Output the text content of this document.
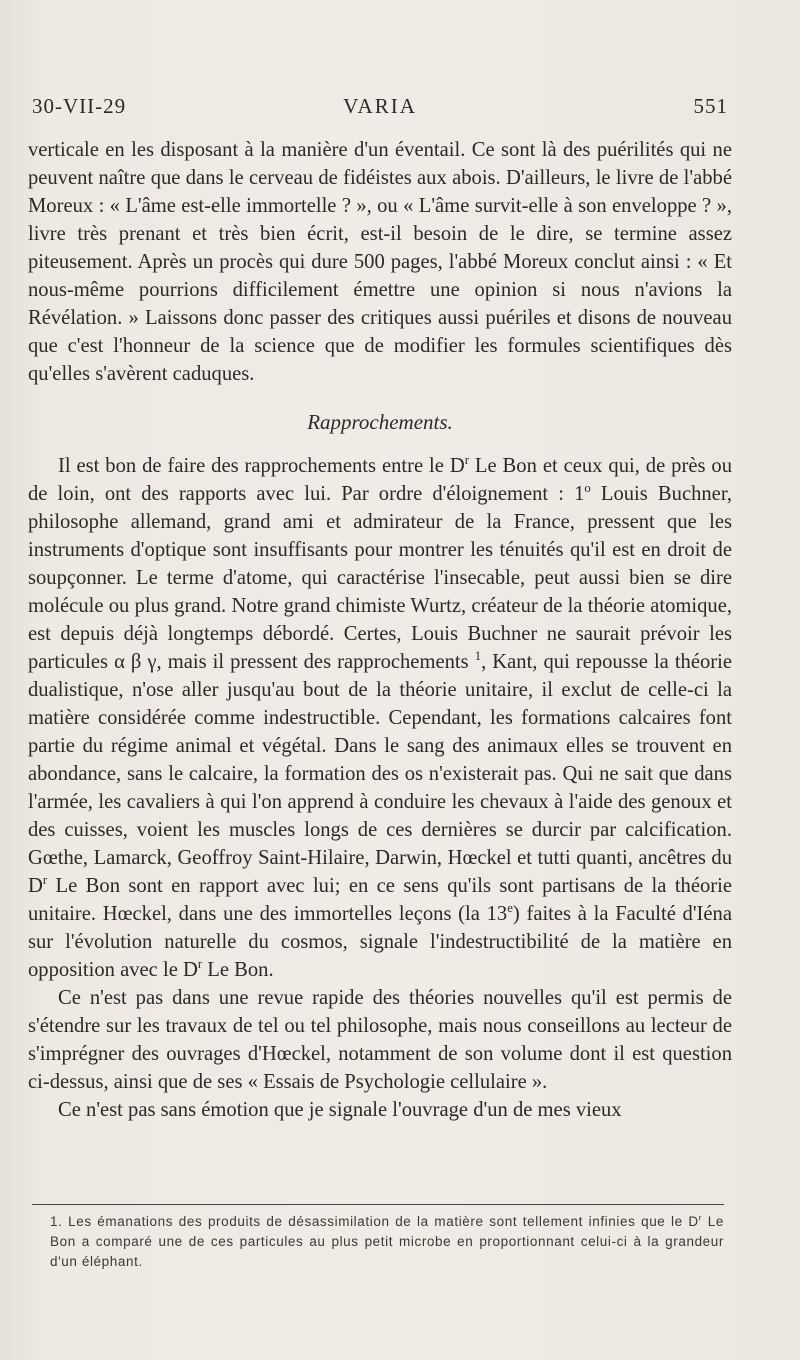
30-VII-29	VARIA	551

verticale en les disposant à la manière d'un éventail. Ce sont là des puérilités qui ne peuvent naître que dans le cerveau de fidéistes aux abois. D'ailleurs, le livre de l'abbé Moreux : « L'âme est-elle immortelle ? », ou « L'âme survit-elle à son enveloppe ? », livre très prenant et très bien écrit, est-il besoin de le dire, se termine assez piteusement. Après un procès qui dure 500 pages, l'abbé Moreux conclut ainsi : « Et nous-même pourrions difficilement émettre une opinion si nous n'avions la Révélation. » Laissons donc passer des critiques aussi puériles et disons de nouveau que c'est l'honneur de la science que de modifier les formules scientifiques dès qu'elles s'avèrent caduques.

Rapprochements.

Il est bon de faire des rapprochements entre le $D^r$ Le Bon et ceux qui, de près ou de loin, ont des rapports avec lui. Par ordre d'éloignement : 1$^o$ Louis Buchner, philosophe allemand, grand ami et admirateur de la France, pressent que les instruments d'optique sont insuffisants pour montrer les ténuités qu'il est en droit de soupçonner. Le terme d'atome, qui caractérise l'insecable, peut aussi bien se dire molécule ou plus grand. Notre grand chimiste Wurtz, créateur de la théorie atomique, est depuis déjà longtemps débordé. Certes, Louis Buchner ne saurait prévoir les particules α β γ, mais il pressent des rapprochements $^1$, Kant, qui repousse la théorie dualistique, n'ose aller jusqu'au bout de la théorie unitaire, il exclut de celle-ci la matière considérée comme indestructible. Cependant, les formations calcaires font partie du régime animal et végétal. Dans le sang des animaux elles se trouvent en abondance, sans le calcaire, la formation des os n'existerait pas. Qui ne sait que dans l'armée, les cavaliers à qui l'on apprend à conduire les chevaux à l'aide des genoux et des cuisses, voient les muscles longs de ces dernières se durcir par calcification. Gœthe, Lamarck, Geoffroy Saint-Hilaire, Darwin, Hœckel et tutti quanti, ancêtres du $D^r$ Le Bon sont en rapport avec lui; en ce sens qu'ils sont partisans de la théorie unitaire. Hœckel, dans une des immortelles leçons (la 13e) faites à la Faculté d'Iéna sur l'évolution naturelle du cosmos, signale l'indestructibilité de la matière en opposition avec le $D^r$ Le Bon.

Ce n'est pas dans une revue rapide des théories nouvelles qu'il est permis de s'étendre sur les travaux de tel ou tel philosophe, mais nous conseillons au lecteur de s'imprégner des ouvrages d'Hœckel, notamment de son volume dont il est question ci-dessus, ainsi que de ses « Essais de Psychologie cellulaire ».

Ce n'est pas sans émotion que je signale l'ouvrage d'un de mes vieux

1. Les émanations des produits de désassimilation de la matière sont tellement infinies que le $D^r$ Le Bon a comparé une de ces particules au plus petit microbe en proportionnant celui-ci à la grandeur d'un éléphant.
